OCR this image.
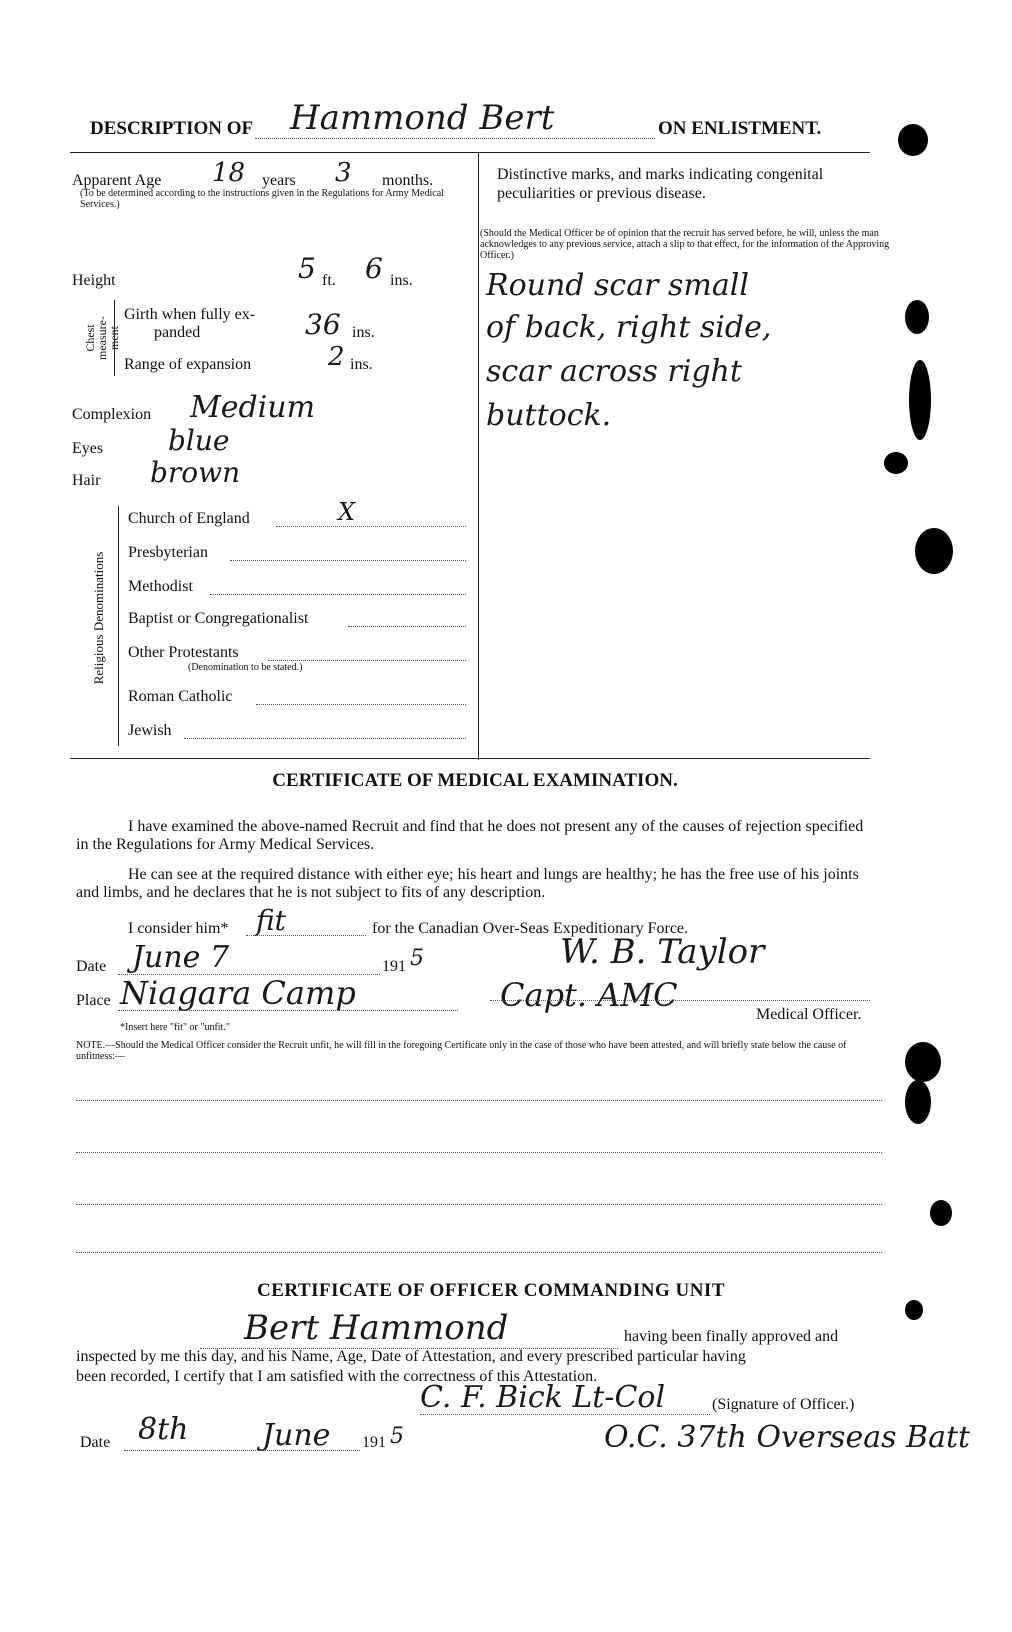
DESCRIPTION OF Hammond Bert	ON ENLISTMENT.
Apparent Age 18 years 3 months.
(To be determined according to the instructions given in the Regulations for Army Medical Services.)
Height	5 ft. 6 ins.
Chest
measure-
ment
Girth when fully ex-
panded	36 ins.
Range of expansion	2 ins.
Complexion Medium
Eyes blue
Hair brown
Religious Denominations
Church of England	X
Presbyterian
Methodist
Baptist or Congregationalist
Other Protestants
(Denomination to be stated.)
Roman Catholic
Jewish
Distinctive marks, and marks indicating congenital peculiarities or previous disease.
(Should the Medical Officer be of opinion that the recruit has served before, he will, unless the man acknowledges to any previous service, attach a slip to that effect, for the information of the Approving Officer.)
Round scar small
of back, right side,
scar across right
buttock.
CERTIFICATE OF MEDICAL EXAMINATION.
I have examined the above-named Recruit and find that he does not present any of the causes of rejection specified in the Regulations for Army Medical Services.
He can see at the required distance with either eye; his heart and lungs are healthy; he has the free use of his joints and limbs, and he declares that he is not subject to fits of any description.
I consider him* fit	for the Canadian Over-Seas Expeditionary Force.
Date June 7	191 5	W. B. Taylor
Place Niagara Camp	Capt. AMC
Medical Officer.
*Insert here "fit" or "unfit."
NOTE.—Should the Medical Officer consider the Recruit unfit, he will fill in the foregoing Certificate only in the case of those who have been attested, and will briefly state below the cause of unfitness:—
CERTIFICATE OF OFFICER COMMANDING UNIT
Bert Hammond	having been finally approved and
inspected by me this day, and his Name, Age, Date of Attestation, and every prescribed particular having
been recorded, I certify that I am satisfied with the correctness of this Attestation.
C. F. Bick Lt-Col	(Signature of Officer.)
Date 8th June 191 5	O.C. 37th Overseas Batt
